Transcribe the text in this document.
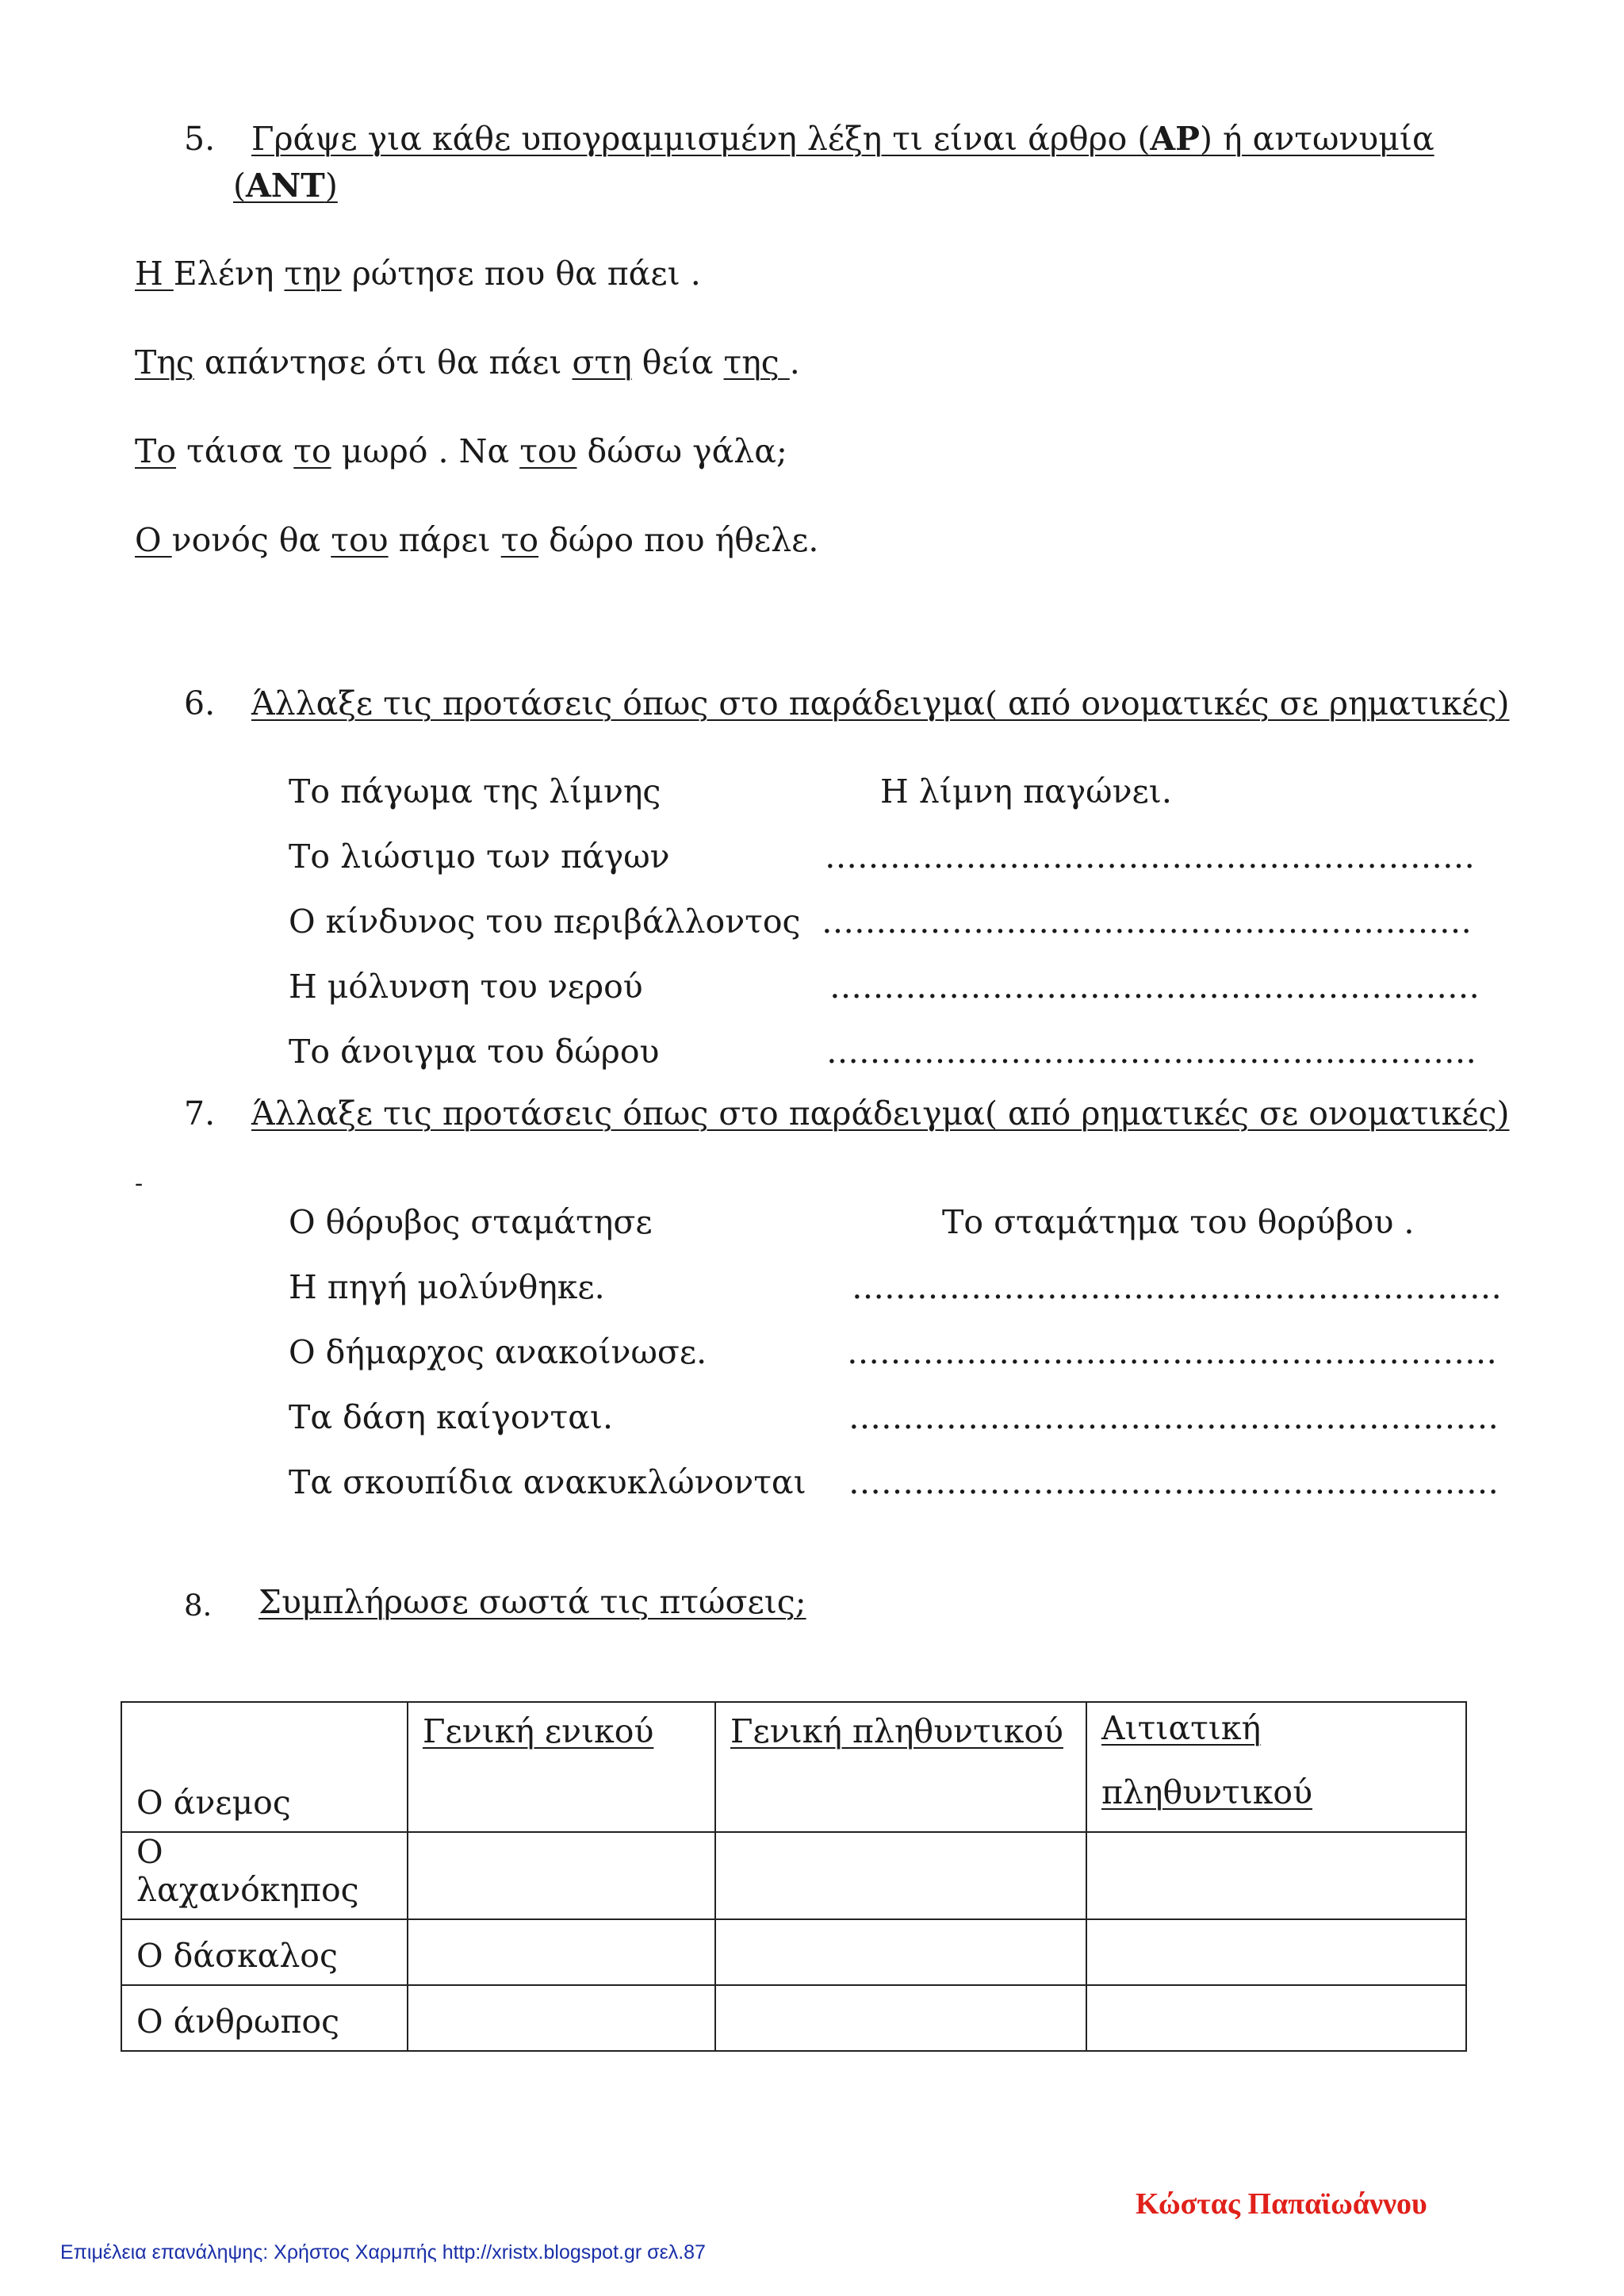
5. Γράψε για κάθε υπογραμμισμένη λέξη τι είναι άρθρο (ΑΡ) ή αντωνυμία
(ΑΝΤ)
Η Ελένη την ρώτησε που θα πάει .
Της απάντησε ότι θα πάει στη θεία της .
Το τάισα το μωρό . Να του δώσω γάλα;
Ο νονός θα του πάρει το δώρο που ήθελε.
6. Άλλαξε τις προτάσεις όπως στο παράδειγμα( από ονοματικές σε ρηματικές)
Το πάγωμα της λίμνης	Η λίμνη παγώνει.
Το λιώσιμο των πάγων	……………………………………………………
Ο κίνδυνος του περιβάλλοντος ……………………………………………………
Η μόλυνση του νερού	……………………………………………………
Το άνοιγμα του δώρου	……………………………………………………
7. Άλλαξε τις προτάσεις όπως στο παράδειγμα( από ρηματικές σε ονοματικές)
-
Ο θόρυβος σταμάτησε	Το σταμάτημα του θορύβου .
Η πηγή μολύνθηκε.	……………………………………………………
Ο δήμαρχος ανακοίνωσε.	……………………………………………………
Τα δάση καίγονται.	……………………………………………………
Τα σκουπίδια ανακυκλώνονται ……………………………………………………
8. Συμπλήρωσε σωστά τις πτώσεις;
Ο άνεμος	Γενική ενικού	Γενική πληθυντικού	Αιτιατική
πληθυντικού

Ο λαχανόκηπος			
Ο δάσκαλος			
Ο άνθρωπος			
Κώστας Παπαϊωάννου
Επιμέλεια επανάληψης: Χρήστος Χαρμπής http://xristx.blogspot.gr σελ.87
